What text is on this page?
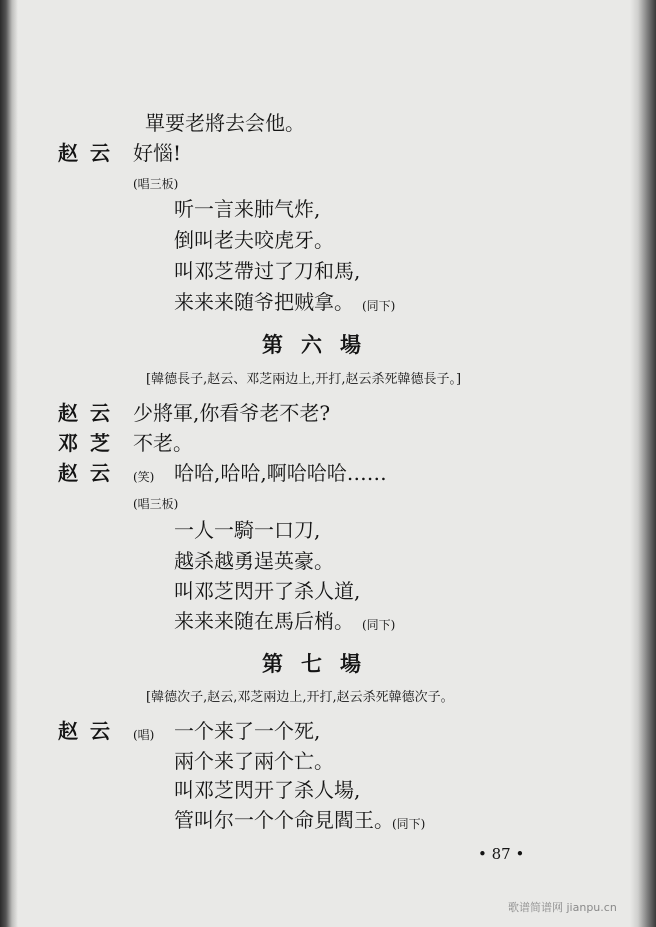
單要老將去会他。
赵云 好惱!
(唱三板)
听一言来肺气炸,
倒叫老夫咬虎牙。
叫邓芝帶过了刀和馬,
来来来随爷把贼拿。 (同下)
第六場
[韓德長子,赵云、邓芝兩边上,开打,赵云杀死韓德長子。]
赵云 少將軍,你看爷老不老?
邓芝 不老。
赵云 (笑) 哈哈,哈哈,啊哈哈哈……
(唱三板)
一人一騎一口刀,
越杀越勇逞英豪。
叫邓芝閃开了杀人道,
来来来随在馬后梢。 (同下)
第七場
[韓德次子,赵云,邓芝兩边上,开打,赵云杀死韓德次子。
赵云 (唱) 一个来了一个死,
兩个来了兩个亡。
叫邓芝閃开了杀人場,
管叫尔一个个命見閻王。
(同下)
• 87 •
歌谱简谱网 jianpu.cn
